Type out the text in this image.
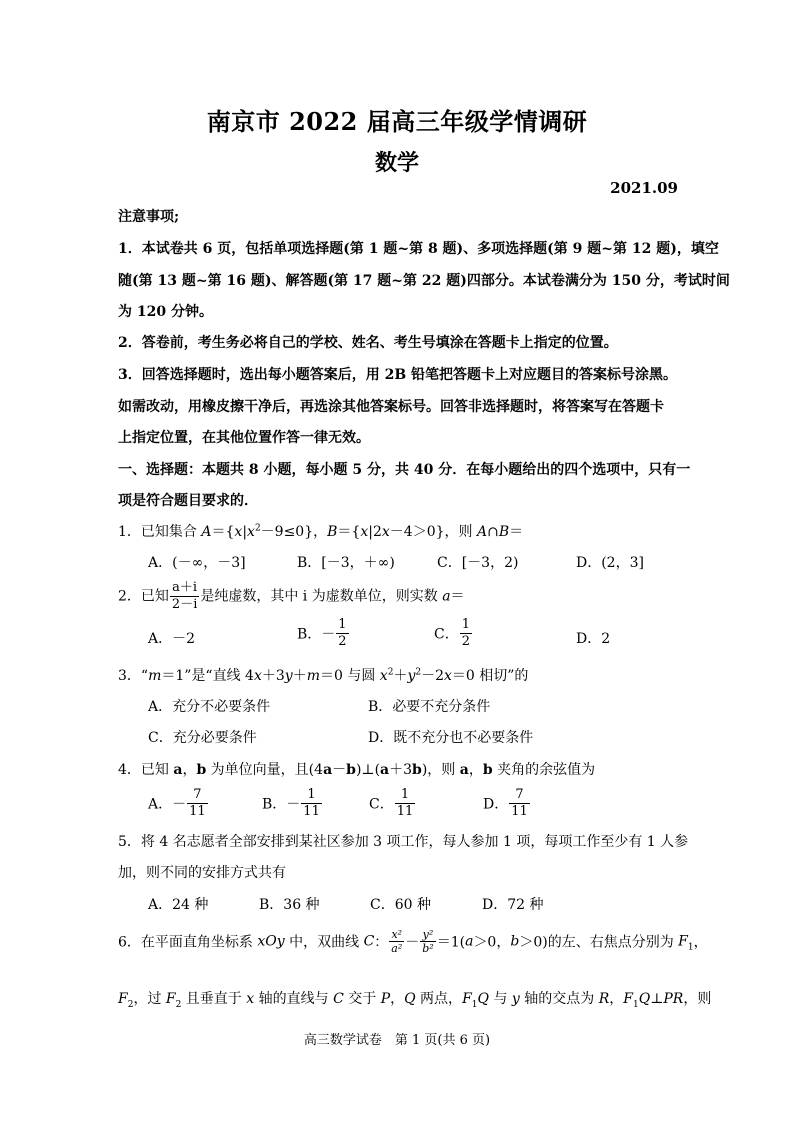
南京市 2022 届高三年级学情调研
数学
2021.09
注意事项;
1．本试卷共 6 页，包括单项选择题(第 1 题~第 8 题)、多项选择题(第 9 题~第 12 题)，填空
随(第 13 题~第 16 题)、解答题(第 17 题~第 22 题)四部分。本试卷满分为 150 分，考试时间
为 120 分钟。
2．答卷前，考生务必将自己的学校、姓名、考生号填涂在答题卡上指定的位置。
3．回答选择题时，选出每小题答案后，用 2B 铅笔把答题卡上对应题目的答案标号涂黑。
如需改动，用橡皮擦干净后，再选涂其他答案标号。回答非选择题时，将答案写在答题卡
上指定位置，在其他位置作答一律无效。
一、选择题：本题共 8 小题，每小题 5 分，共 40 分．在每小题给出的四个选项中，只有一
项是符合题目要求的．
1．已知集合 $A=\{x|x^2-9\le 0\}$，B＝{x|2x－4＞0}，则 A∩B＝
A．(－∞，－3]	B．[－3，＋∞)	C．[－3，2)	D．(2，3]
2．已知 $\frac{a+i}{2-i}$ 是纯虚数，其中 i 为虚数单位，则实数 a＝
A．－2	B．－ $\frac{1}{2}$	C． $\frac{1}{2}$	D．2
3．“m＝1”是“直线 4x＋3y＋m＝0 与圆 $x^2+y^2-2x=0$ 相切”的
A．充分不必要条件	B．必要不充分条件
C．充分必要条件	D．既不充分也不必要条件
4．已知 a，b 为单位向量，且(4a－b)⊥(a＋3b)，则 a，b 夹角的余弦值为
A．－ $\frac{7}{11}$	B．－ $\frac{1}{11}$	C． $\frac{1}{11}$	D． $\frac{7}{11}$
5．将 4 名志愿者全部安排到某社区参加 3 项工作，每人参加 1 项，每项工作至少有 1 人参
加，则不同的安排方式共有
A．24 种	B．36 种	C．60 种	D．72 种
6．在平面直角坐标系 xOy 中，双曲线 C： $\frac{\text{x²}}{\text{a²}} - \frac{\text{y²}}{\text{b²}} =1(a>0$，b＞0)的左、右焦点分别为 $F_1$，
$F_2$，过 $F_2$ 且垂直于 x 轴的直线与 C 交于 P，Q 两点，$F_1Q$ 与 y 轴的交点为 R，$F_1Q\perp PR$，则
高三数学试卷　第 1 页(共 6 页)
